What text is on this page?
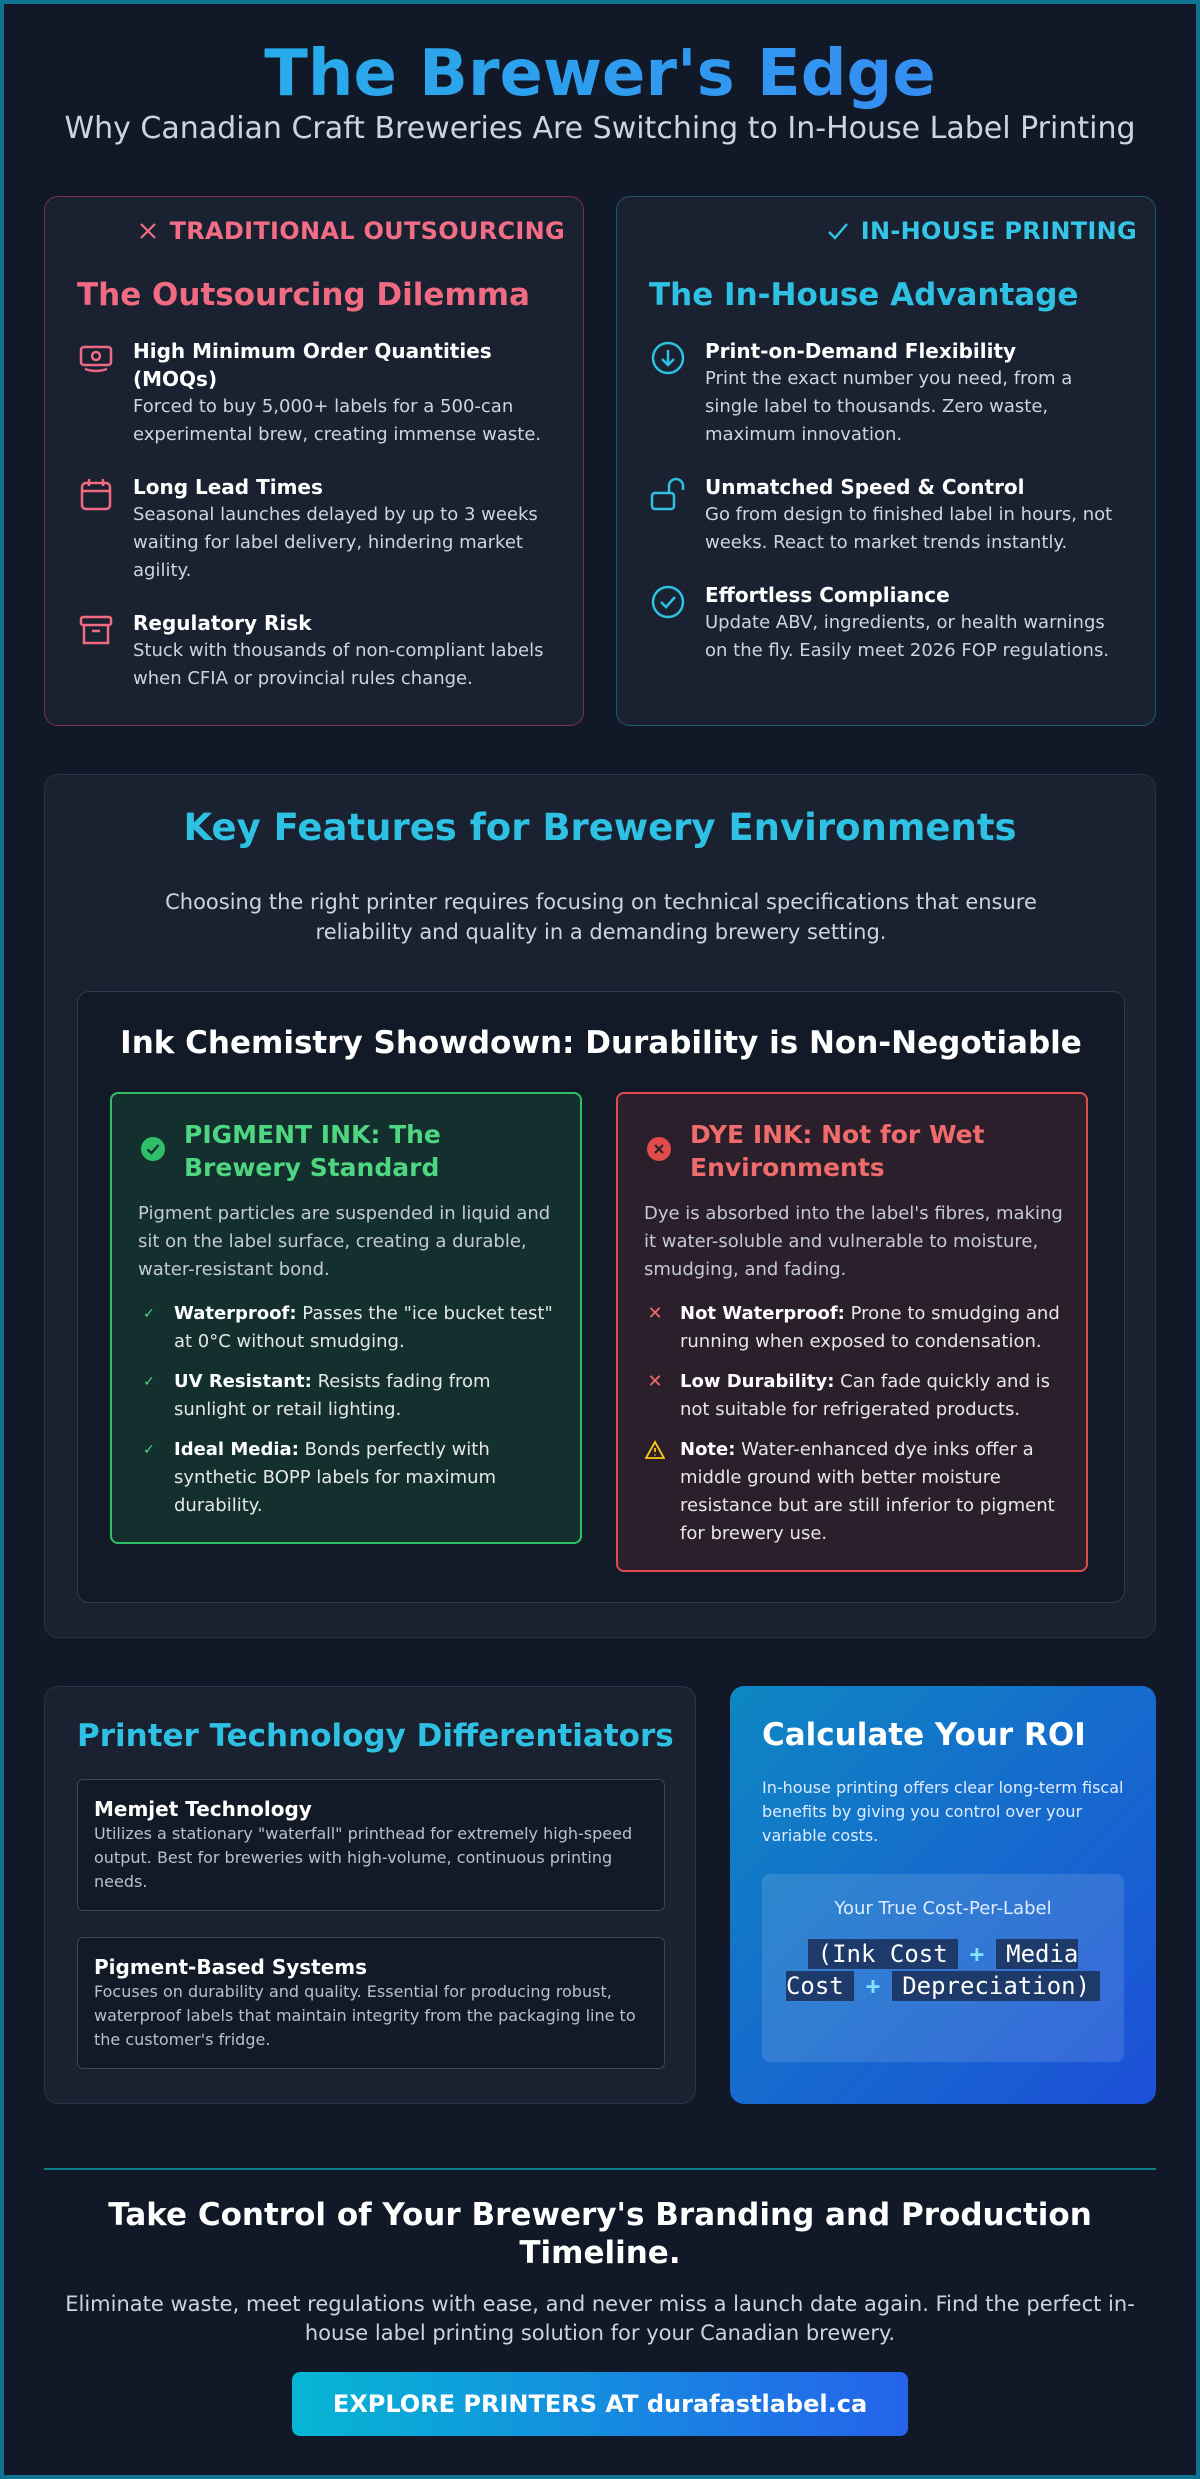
The Brewer's Edge

Why Canadian Craft Breweries Are Switching to In-House Label Printing

TRADITIONAL OUTSOURCING
The Outsourcing Dilemma
High Minimum Order Quantities (MOQs)
Forced to buy 5,000+ labels for a 500-can experimental brew, creating immense waste.
Long Lead Times
Seasonal launches delayed by up to 3 weeks waiting for label delivery, hindering market agility.
Regulatory Risk
Stuck with thousands of non-compliant labels when CFIA or provincial rules change.
IN-HOUSE PRINTING
The In-House Advantage
Print-on-Demand Flexibility
Print the exact number you need, from a single label to thousands. Zero waste, maximum innovation.
Unmatched Speed & Control
Go from design to finished label in hours, not weeks. React to market trends instantly.
Effortless Compliance
Update ABV, ingredients, or health warnings on the fly. Easily meet 2026 FOP regulations.
Key Features for Brewery Environments

Choosing the right printer requires focusing on technical specifications that ensure reliability and quality in a demanding brewery setting.

Ink Chemistry Showdown: Durability is Non-Negotiable
PIGMENT INK: The Brewery Standard

Pigment particles are suspended in liquid and sit on the label surface, creating a durable, water-resistant bond.

✓ Waterproof: Passes the "ice bucket test" at 0°C without smudging.
✓ UV Resistant: Resists fading from sunlight or retail lighting.
✓ Ideal Media: Bonds perfectly with synthetic BOPP labels for maximum durability.
DYE INK: Not for Wet Environments

Dye is absorbed into the label's fibres, making it water-soluble and vulnerable to moisture, smudging, and fading.

✕ Not Waterproof: Prone to smudging and running when exposed to condensation.
✕ Low Durability: Can fade quickly and is not suitable for refrigerated products.
Note: Water-enhanced dye inks offer a middle ground with better moisture resistance but are still inferior to pigment for brewery use.
Printer Technology Differentiators
Memjet Technology
Utilizes a stationary "waterfall" printhead for extremely high-speed output. Best for breweries with high-volume, continuous printing needs.
Pigment-Based Systems
Focuses on durability and quality. Essential for producing robust, waterproof labels that maintain integrity from the packaging line to the customer's fridge.
Calculate Your ROI

In-house printing offers clear long-term fiscal benefits by giving you control over your variable costs.

Your True Cost-Per-Label
(Ink Cost + Media Cost + Depreciation)
Take Control of Your Brewery's Branding and Production Timeline.

Eliminate waste, meet regulations with ease, and never miss a launch date again. Find the perfect in-house label printing solution for your Canadian brewery.

EXPLORE PRINTERS AT durafastlabel.ca
